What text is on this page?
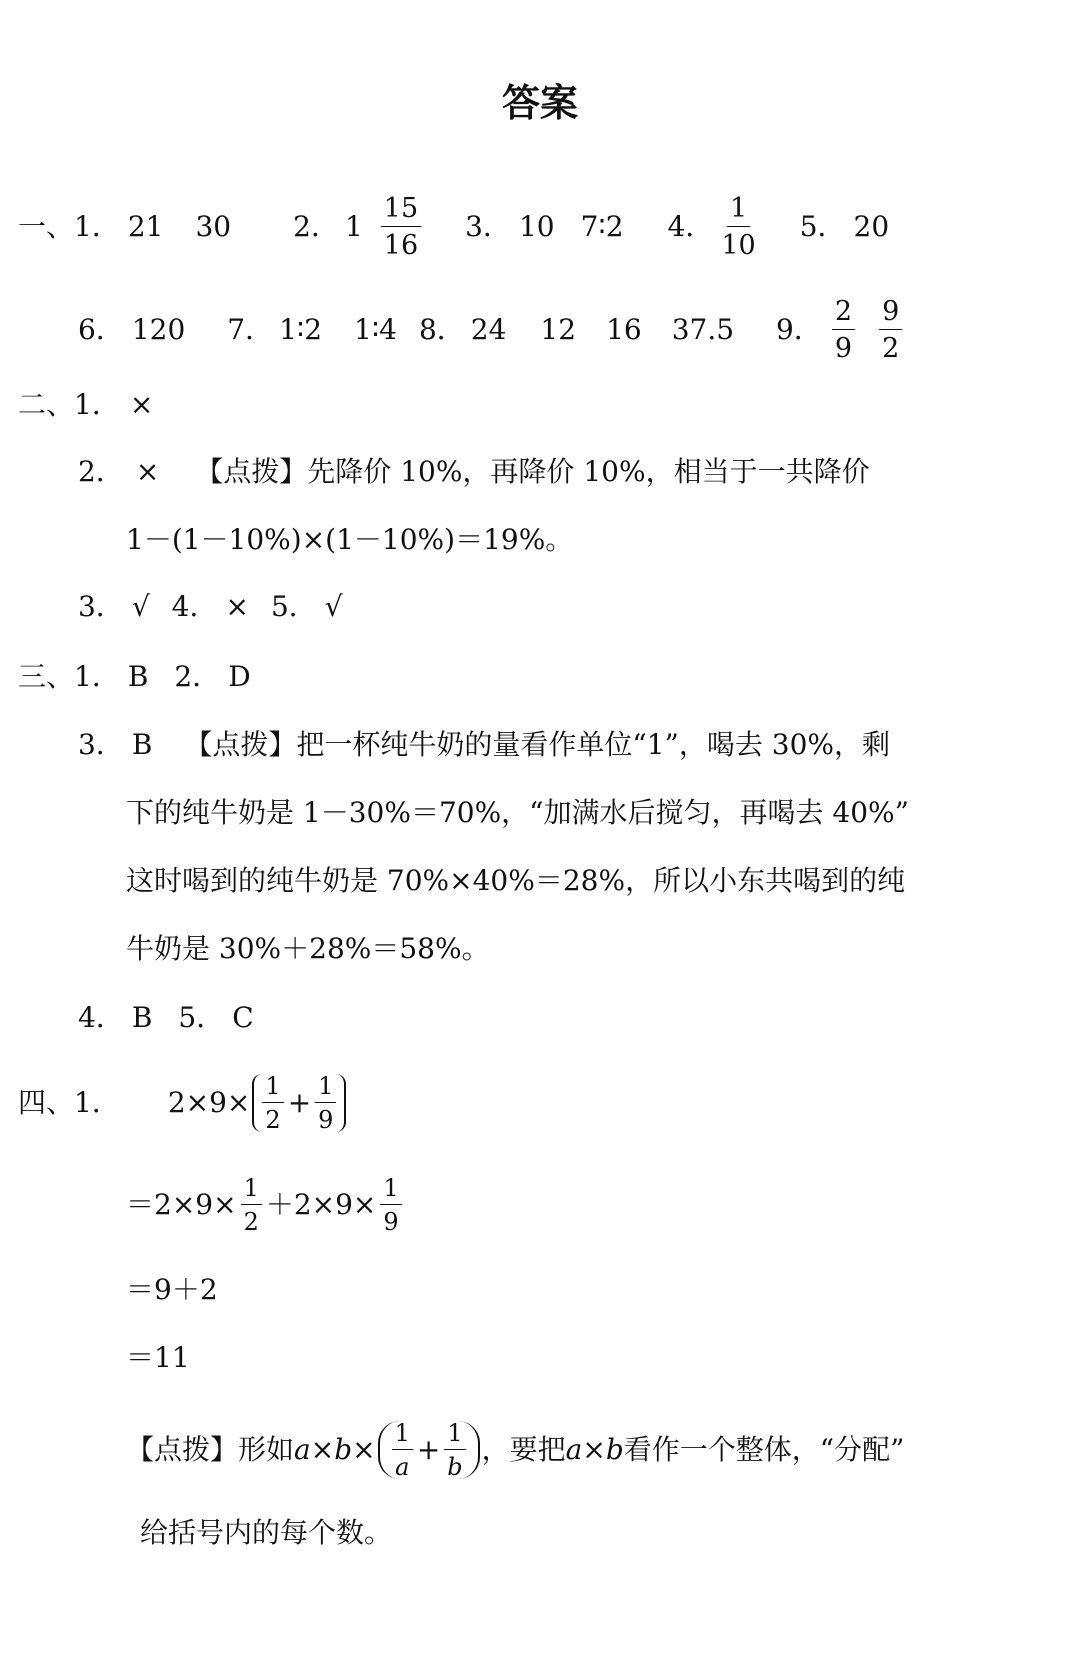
答案
一、 1． 21 30 2． $1 \frac{15}{16} 3$． 10 7∶2 4． $\frac{1}{10} 5$． 20
6． 120 7． 1∶2 1∶4 8． 24 12 16 37.5 9． $\frac{2}{9} \frac{9}{2}$
二、 1． ×
2． × 【点拨】先降价 10%，再降价 10%，相当于一共降价
1－(1－10%)×(1－10%)＝19%。
3． √ 4． × 5． √
三、 1． B 2． D
3． B 【点拨】把一杯纯牛奶的量看作单位“1”，喝去 30%，剩
下的纯牛奶是 1－30%＝70%，“加满水后搅匀，再喝去 40%”
这时喝到的纯牛奶是 70%×40%＝28%，所以小东共喝到的纯
牛奶是 30%＋28%＝58%。
4． B 5． C
四、 1． $2\times 9\times \frac{1}{2} + \frac{1}{9}$
$=2\times 9\times \frac{1}{2} +2\times 9\times \frac{1}{9}$
＝9＋2
＝11
【点拨】形如 $a \times b \times \frac{1}{a} + \frac{1}{b}$ ，要把 a × b 看作一个整体，“分配”
给括号内的每个数。
